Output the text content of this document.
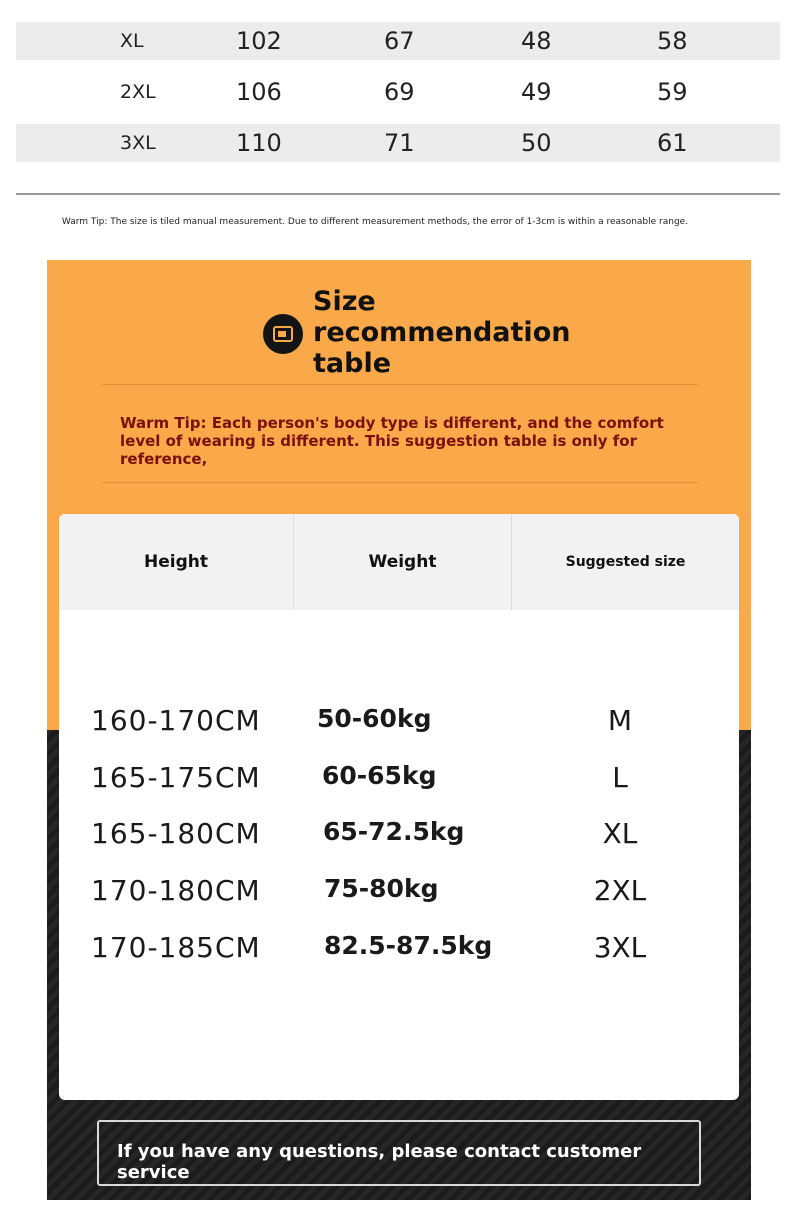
XL	102	67	48	58
2XL	106	69	49	59
3XL	110	71	50	61
Warm Tip: The size is tiled manual measurement. Due to different measurement methods, the error of 1-3cm is within a reasonable range.
Size recommendation table
Warm Tip: Each person's body type is different, and the comfort level of wearing is different. This suggestion table is only for reference,
Height	Weight	Suggested size
160-170CM 50-60kg	M
165-175CM 60-65kg	L
165-180CM 65-72.5kg	XL
170-180CM	75-80kg	2XL
170-185CM	82.5-87.5kg	3XL
If you have any questions, please contact customer service
